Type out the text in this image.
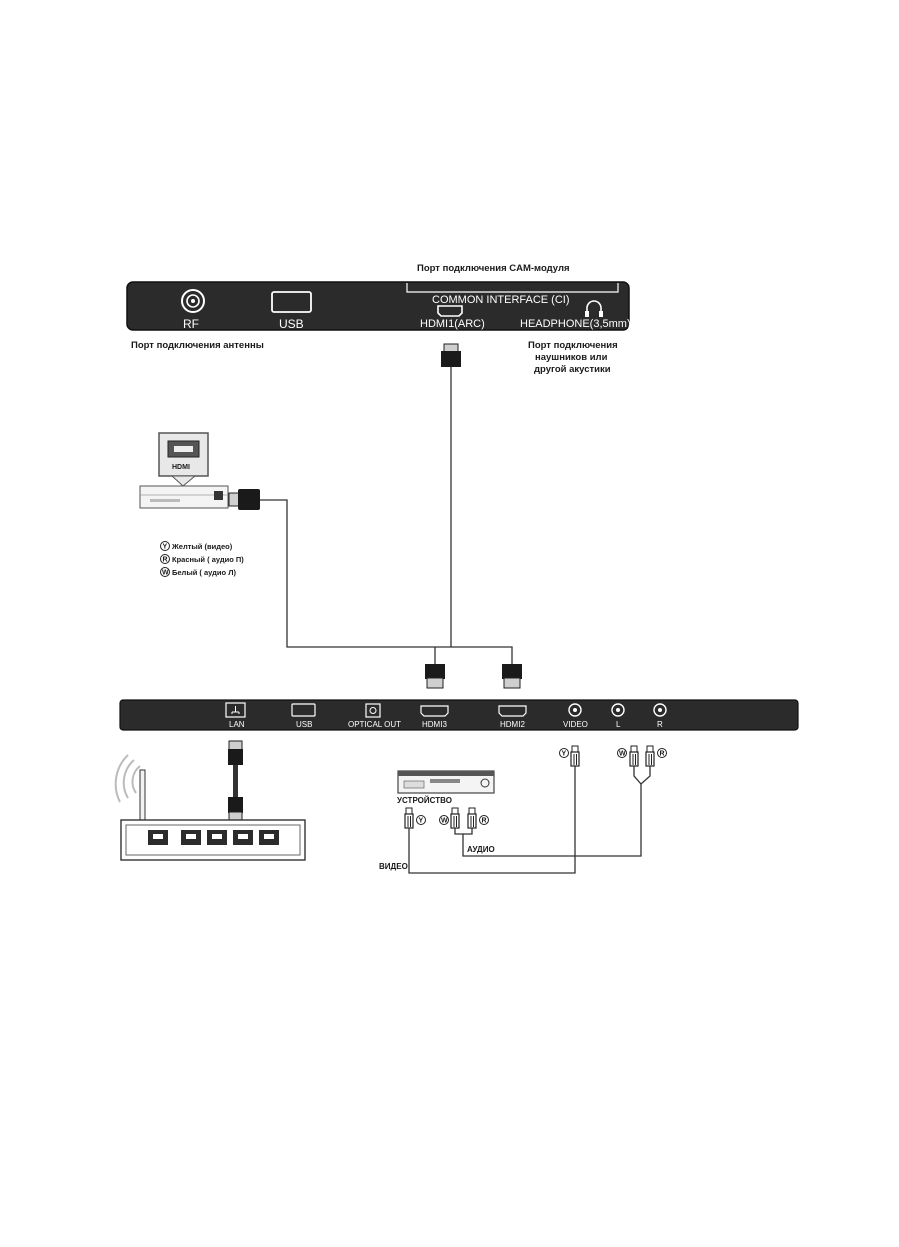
Порт подключения CAM-модуля
RF	USB
COMMON INTERFACE (CI)
HDMI1(ARC)	HEADPHONE(3,5mm)
Порт подключения антенны	Порт подключения
наушников или
другой акустики
HDMI
Y Желтый (видео)
R Красный ( аудио П)
W Белый ( аудио Л)
LAN	USB	OPTICAL OUT	HDMI3	HDMI2	VIDEO	L	R
УСТРОЙСТВО
Y	W	R
Y	W	R
АУДИО
ВИДЕО
